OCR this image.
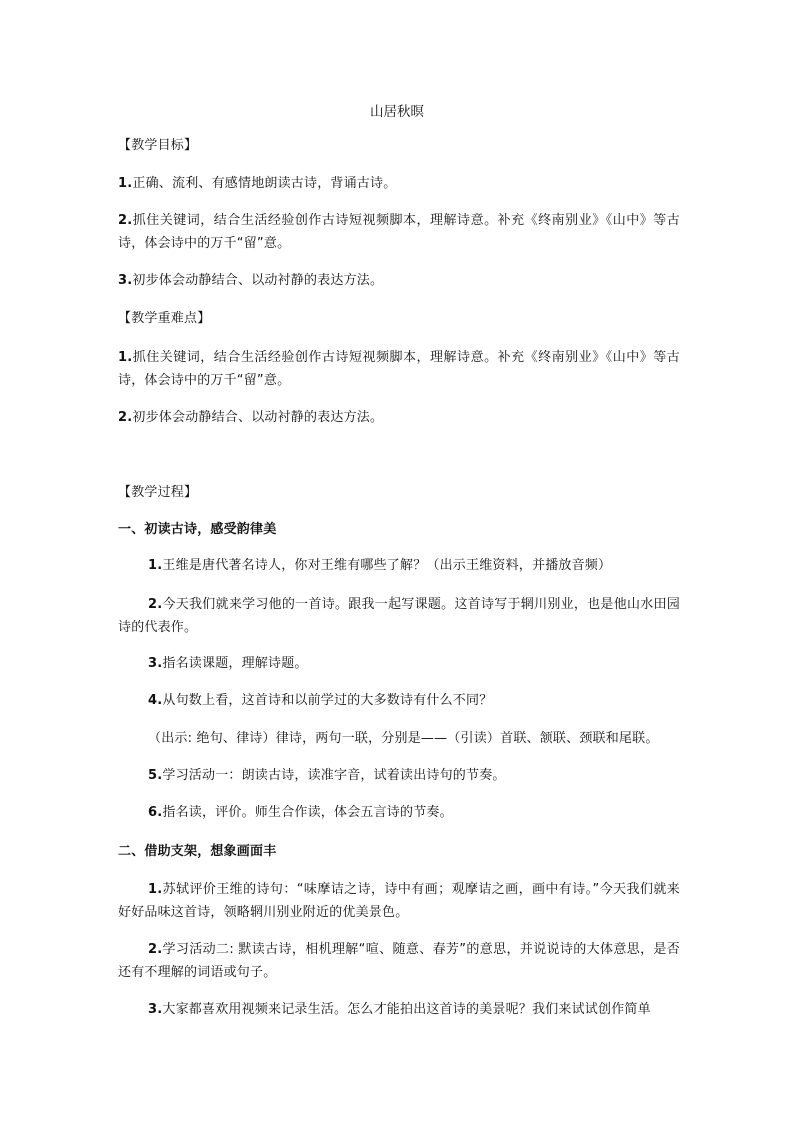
山居秋暝
【教学目标】
1.正确、流利、有感情地朗读古诗，背诵古诗。
2.抓住关键词，结合生活经验创作古诗短视频脚本，理解诗意。补充《终南别业》《山中》等古诗，体会诗中的万千“留”意。
3.初步体会动静结合、以动衬静的表达方法。
【教学重难点】
1.抓住关键词，结合生活经验创作古诗短视频脚本，理解诗意。补充《终南别业》《山中》等古诗，体会诗中的万千“留”意。
2.初步体会动静结合、以动衬静的表达方法。
【教学过程】
一、初读古诗，感受韵律美
1.王维是唐代著名诗人，你对王维有哪些了解？（出示王维资料，并播放音频）
2.今天我们就来学习他的一首诗。跟我一起写课题。这首诗写于辋川别业，也是他山水田园诗的代表作。
3.指名读课题，理解诗题。
4.从句数上看，这首诗和以前学过的大多数诗有什么不同？
（出示: 绝句、律诗）律诗，两句一联，分别是——（引读）首联、颔联、颈联和尾联。
5.学习活动一：朗读古诗，读准字音，试着读出诗句的节奏。
6.指名读，评价。师生合作读，体会五言诗的节奏。
二、借助支架，想象画面丰
1.苏轼评价王维的诗句：“味摩诘之诗，诗中有画；观摩诘之画，画中有诗。”今天我们就来好好品味这首诗，领略辋川别业附近的优美景色。
2.学习活动二: 默读古诗，相机理解“喧、随意、春芳”的意思，并说说诗的大体意思，是否还有不理解的词语或句子。
3.大家都喜欢用视频来记录生活。怎么才能拍出这首诗的美景呢？我们来试试创作简单
